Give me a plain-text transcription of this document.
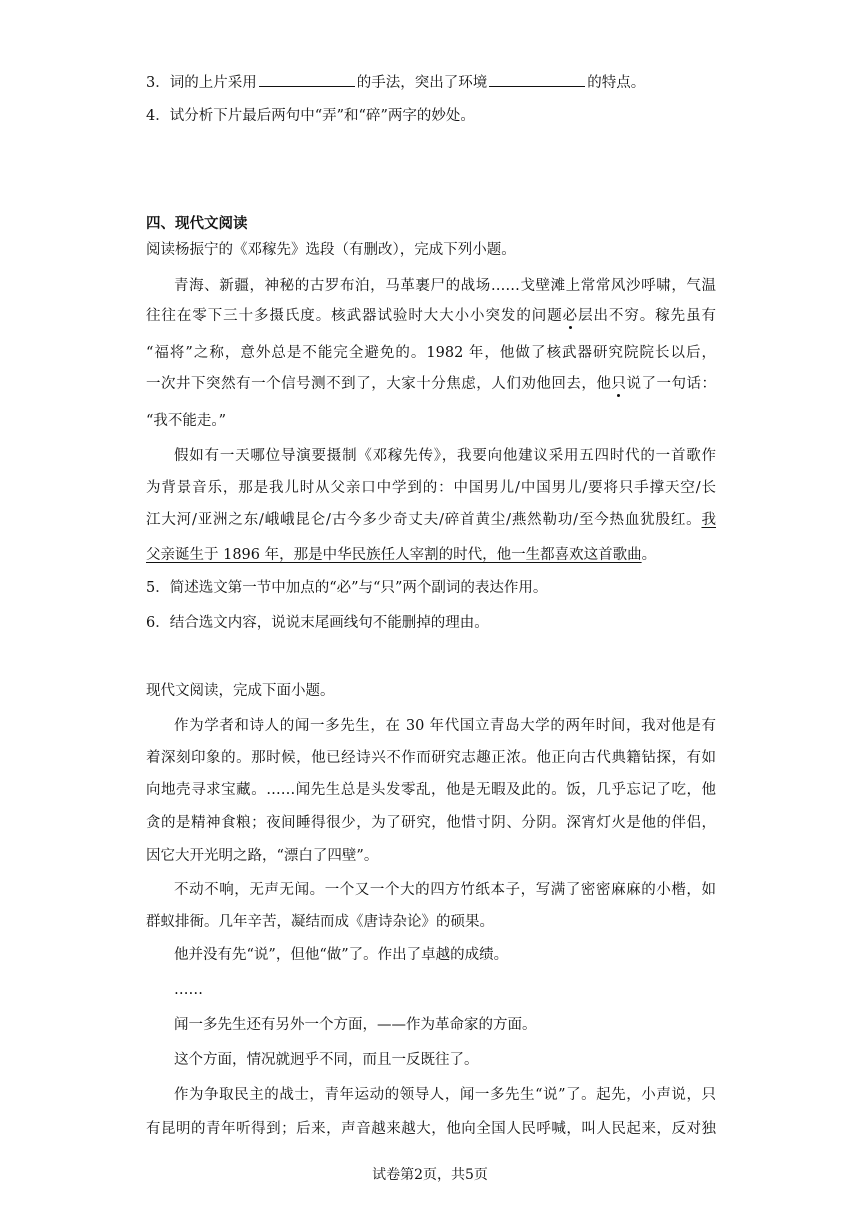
3．词的上片采用	的手法，突出了环境	的特点。
4．试分析下片最后两句中“弄”和“碎”两字的妙处。
四、现代文阅读
阅读杨振宁的《邓稼先》选段（有删改），完成下列小题。
青海、新疆，神秘的古罗布泊，马革裹尸的战场……戈壁滩上常常风沙呼啸，气温
往往在零下三十多摄氏度。核武器试验时大大小小突发的问题必层出不穷。稼先虽有
“福将”之称，意外总是不能完全避免的。1982 年，他做了核武器研究院院长以后，
一次井下突然有一个信号测不到了，大家十分焦虑，人们劝他回去，他只说了一句话：
“我不能走。”
假如有一天哪位导演要摄制《邓稼先传》，我要向他建议采用五四时代的一首歌作
为背景音乐，那是我儿时从父亲口中学到的：中国男儿/中国男儿/要将只手撑天空/长
江大河/亚洲之东/峨峨昆仑/古今多少奇丈夫/碎首黄尘/燕然勒功/至今热血犹殷红。我
父亲诞生于 1896 年，那是中华民族任人宰割的时代，他一生都喜欢这首歌曲。
5．简述选文第一节中加点的“必”与“只”两个副词的表达作用。
6．结合选文内容，说说末尾画线句不能删掉的理由。
现代文阅读，完成下面小题。
作为学者和诗人的闻一多先生，在 30 年代国立青岛大学的两年时间，我对他是有
着深刻印象的。那时候，他已经诗兴不作而研究志趣正浓。他正向古代典籍钻探，有如
向地壳寻求宝藏。……闻先生总是头发零乱，他是无暇及此的。饭，几乎忘记了吃，他
贪的是精神食粮；夜间睡得很少，为了研究，他惜寸阴、分阴。深宵灯火是他的伴侣，
因它大开光明之路，“漂白了四壁”。
不动不响，无声无闻。一个又一个大的四方竹纸本子，写满了密密麻麻的小楷，如
群蚁排衙。几年辛苦，凝结而成《唐诗杂论》的硕果。
他并没有先“说”，但他“做”了。作出了卓越的成绩。
……
闻一多先生还有另外一个方面，——作为革命家的方面。
这个方面，情况就迥乎不同，而且一反既往了。
作为争取民主的战士，青年运动的领导人，闻一多先生“说”了。起先，小声说，只
有昆明的青年听得到；后来，声音越来越大，他向全国人民呼喊，叫人民起来，反对独
试卷第2页，共5页
